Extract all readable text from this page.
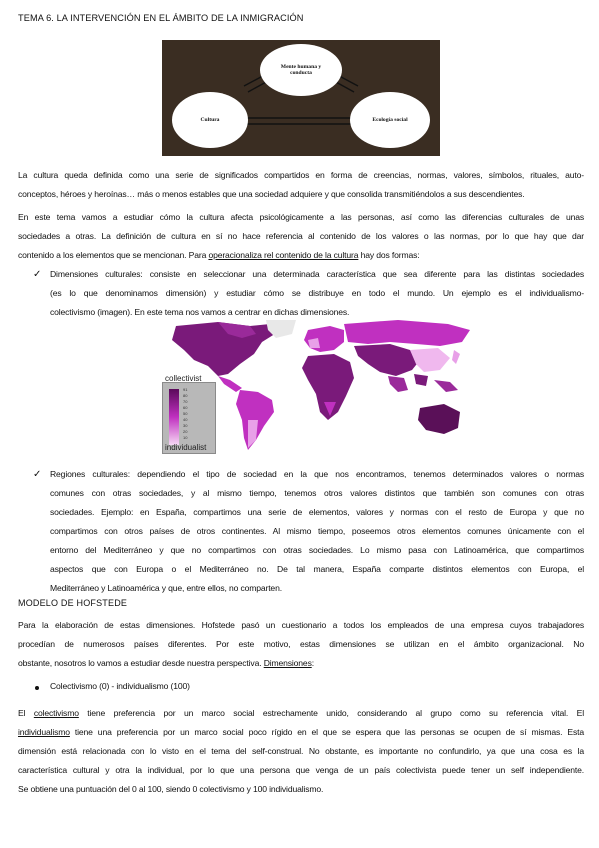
TEMA 6. LA INTERVENCIÓN EN EL ÁMBITO DE LA INMIGRACIÓN
Mente humana y conducta
Cultura	Ecología social
La cultura queda definida como una serie de significados compartidos en forma de creencias, normas, valores, símbolos, rituales, auto-
conceptos, héroes y heroínas… más o menos estables que una sociedad adquiere y que consolida transmitiéndolos a sus descendientes.
En este tema vamos a estudiar cómo la cultura afecta psicológicamente a las personas, así como las diferencias culturales de unas
sociedades a otras. La definición de cultura en sí no hace referencia al contenido de los valores o las normas, por lo que hay que dar
contenido a los elementos que se mencionan. Para operacionaliza rel contenido de la cultura hay dos formas:
✓ Dimensiones culturales: consiste en seleccionar una determinada característica que sea diferente para las distintas sociedades
(es lo que denominamos dimensión) y estudiar cómo se distribuye en todo el mundo. Un ejemplo es el individualismo-
colectivismo (imagen). En este tema nos vamos a centrar en dichas dimensiones.
collectivist
91
80
70
60
50
40
30
20
10
individualist
✓ Regiones culturales: dependiendo el tipo de sociedad en la que nos encontramos, tenemos determinados valores o normas
comunes con otras sociedades, y al mismo tiempo, tenemos otros valores distintos que también son comunes con otras
sociedades. Ejemplo: en España, compartimos una serie de elementos, valores y normas con el resto de Europa y que no
compartimos con otros países de otros continentes. Al mismo tiempo, poseemos otros elementos comunes únicamente con el
entorno del Mediterráneo y que no compartimos con otras sociedades. Lo mismo pasa con Latinoamérica, que compartimos
aspectos que con Europa o el Mediterráneo no. De tal manera, España comparte distintos elementos con Europa, el
Mediterráneo y Latinoamérica y que, entre ellos, no comparten.
MODELO DE HOFSTEDE
Para la elaboración de estas dimensiones. Hofstede pasó un cuestionario a todos los empleados de una empresa cuyos trabajadores
procedían de numerosos países diferentes. Por este motivo, estas dimensiones se utilizan en el ámbito organizacional. No
obstante, nosotros lo vamos a estudiar desde nuestra perspectiva. Dimensiones:
Colectivismo (0) - individualismo (100)
El colectivismo tiene preferencia por un marco social estrechamente unido, considerando al grupo como su referencia vital. El
individualismo tiene una preferencia por un marco social poco rígido en el que se espera que las personas se ocupen de sí mismas. Esta
dimensión está relacionada con lo visto en el tema del self-construal. No obstante, es importante no confundirlo, ya que una cosa es la
característica cultural y otra la individual, por lo que una persona que venga de un país colectivista puede tener un self independiente.
Se obtiene una puntuación del 0 al 100, siendo 0 colectivismo y 100 individualismo.
